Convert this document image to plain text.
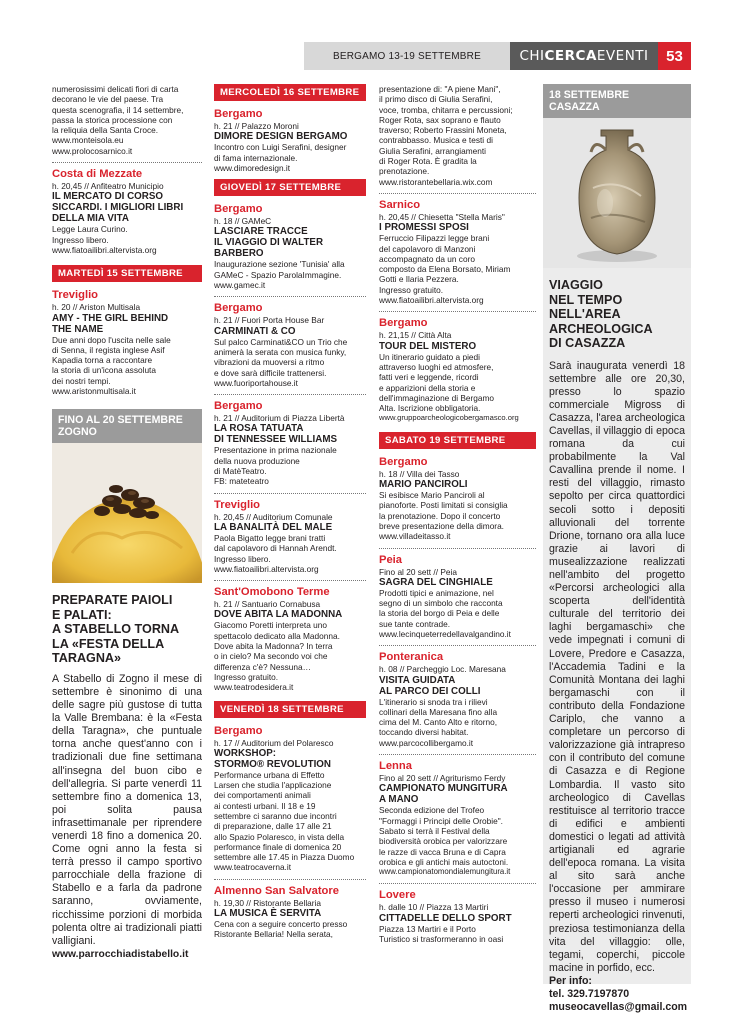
BERGAMO 13-19 SETTEMBRE	CHI CERCA EVENTI	53

numerosissimi delicati fiori di carta

decorano le vie del paese. Tra

questa scenografia, il 14 settembre,

passa la storica processione con

la reliquia della Santa Croce.

www.monteisola.eu

www.prolocosarnico.it

Costa di Mezzate

h. 20,45 // Anfiteatro Municipio

IL MERCATO DI CORSO

SICCARDI. I MIGLIORI LIBRI

DELLA MIA VITA

Legge Laura Curino.

Ingresso libero.

www.fiatoailibri.altervista.org

MARTEDÌ 15 SETTEMBRE

Treviglio

h. 20 // Ariston Multisala

AMY - THE GIRL BEHIND

THE NAME

Due anni dopo l'uscita nelle sale

di Senna, il regista inglese Asif

Kapadia torna a raccontare

la storia di un'icona assoluta

dei nostri tempi.

www.aristonmultisala.it

FINO AL 20 SETTEMBRE

ZOGNO

PREPARATE PAIOLI

E PALATI:

A STABELLO TORNA

LA «FESTA DELLA

TARAGNA»

A Stabello di Zogno il mese di settembre è sinonimo di una delle sagre più gustose di tutta la Valle Brembana: è la «Festa della Taragna», che puntuale torna anche quest'anno con i tradizionali due fine settimana all'insegna del buon cibo e dell'allegria. Si parte venerdì 11 settembre fino a domenica 13, poi solita pausa infrasettimanale per riprendere venerdì 18 fino a domenica 20. Come ogni anno la festa si terrà presso il campo sportivo parrocchiale della frazione di Stabello e a farla da padrone saranno, ovviamente, ricchissime porzioni di morbida polenta oltre ai tradizionali piatti valligiani.

www.parrocchiadistabello.it

MERCOLEDÌ 16 SETTEMBRE

Bergamo

h. 21 // Palazzo Moroni

DIMORE DESIGN BERGAMO

Incontro con Luigi Serafini, designer

di fama internazionale.

www.dimoredesign.it

GIOVEDÌ 17 SETTEMBRE

Bergamo

h. 18 // GAMeC

LASCIARE TRACCE

IL VIAGGIO DI WALTER

BARBERO

Inaugurazione sezione 'Tunisia' alla

GAMeC - Spazio ParolaImmagine.

www.gamec.it

Bergamo

h. 21 // Fuori Porta House Bar

CARMINATI & CO

Sul palco Carminati&CO un Trio che

animerà la serata con musica funky,

vibrazioni da muoversi a ritmo

e dove sarà difficile trattenersi.

www.fuoriportahouse.it

Bergamo

h. 21 // Auditorium di Piazza Libertà

LA ROSA TATUATA

DI TENNESSEE WILLIAMS

Presentazione in prima nazionale

della nuova produzione

di MatèTeatro.

FB: mateteatro

Treviglio

h. 20,45 // Auditorium Comunale

LA BANALITÀ DEL MALE

Paola Bigatto legge brani tratti

dal capolavoro di Hannah Arendt.

Ingresso libero.

www.fiatoailibri.altervista.org

Sant'Omobono Terme

h. 21 // Santuario Cornabusa

DOVE ABITA LA MADONNA

Giacomo Poretti interpreta uno

spettacolo dedicato alla Madonna.

Dove abita la Madonna? In terra

o in cielo? Ma secondo voi che

differenza c'è? Nessuna…

Ingresso gratuito.

www.teatrodesidera.it

VENERDÌ 18 SETTEMBRE

Bergamo

h. 17 // Auditorium del Polaresco

WORKSHOP:

STORMO® REVOLUTION

Performance urbana di Effetto

Larsen che studia l'applicazione

dei comportamenti animali

ai contesti urbani. Il 18 e 19

settembre ci saranno due incontri

di preparazione, dalle 17 alle 21

allo Spazio Polaresco, in vista della

performance finale di domenica 20

settembre alle 17.45 in Piazza Duomo

www.teatrocaverna.it

Almenno San Salvatore

h. 19,30 // Ristorante Bellaria

LA MUSICA È SERVITA

Cena con a seguire concerto presso

Ristorante Bellaria! Nella serata,

presentazione di: "A piene Mani",

il primo disco di Giulia Serafini,

voce, tromba, chitarra e percussioni;

Roger Rota, sax soprano e flauto

traverso; Roberto Frassini Moneta,

contrabbasso. Musica e testi di

Giulia Serafini, arrangiamenti

di Roger Rota. È gradita la

prenotazione.

www.ristorantebellaria.wix.com

Sarnico

h. 20,45 // Chiesetta "Stella Maris"

I PROMESSI SPOSI

Ferruccio Filipazzi legge brani

del capolavoro di Manzoni

accompagnato da un coro

composto da Elena Borsato, Miriam

Gotti e Ilaria Pezzera.

Ingresso gratuito.

www.fiatoailibri.altervista.org

Bergamo

h. 21,15 // Città Alta

TOUR DEL MISTERO

Un itinerario guidato a piedi

attraverso luoghi ed atmosfere,

fatti veri e leggende, ricordi

e apparizioni della storia e

dell'immaginazione di Bergamo

Alta. Iscrizione obbligatoria.

www.gruppoarcheologicobergamasco.org

SABATO 19 SETTEMBRE

Bergamo

h. 18 // Villa dei Tasso

MARIO PANCIROLI

Si esibisce Mario Panciroli al

pianoforte. Posti limitati si consiglia

la prenotazione. Dopo il concerto

breve presentazione della dimora.

www.villadeitasso.it

Peia

Fino al 20 sett // Peia

SAGRA DEL CINGHIALE

Prodotti tipici e animazione, nel

segno di un simbolo che racconta

la storia del borgo di Peia e delle

sue tante contrade.

www.lecinqueterredellavalgandino.it

Ponteranica

h. 08 // Parcheggio Loc. Maresana

VISITA GUIDATA

AL PARCO DEI COLLI

L'itinerario si snoda tra i rilievi

collinari della Maresana fino alla

cima del M. Canto Alto e ritorno,

toccando diversi habitat.

www.parcocollibergamo.it

Lenna

Fino al 20 sett // Agriturismo Ferdy

CAMPIONATO MUNGITURA

A MANO

Seconda edizione del Trofeo

"Formaggi i Principi delle Orobie".

Sabato si terrà il Festival della

biodiversità orobica per valorizzare

le razze di vacca Bruna e di Capra

orobica e gli antichi mais autoctoni.

www.campionatomondialemungitura.it

Lovere

h. dalle 10 // Piazza 13 Martiri

CITTADELLE DELLO SPORT

Piazza 13 Martiri e il Porto

Turistico si trasformeranno in oasi

18 SETTEMBRE

CASAZZA

VIAGGIO

NEL TEMPO

NELL'AREA

ARCHEOLOGICA

DI CASAZZA

Sarà inaugurata venerdì 18 settembre alle ore 20,30, presso lo spazio commerciale Migross di Casazza, l'area archeologica Cavellas, il villaggio di epoca romana da cui probabilmente la Val Cavallina prende il nome. I resti del villaggio, rimasto sepolto per circa quattordici secoli sotto i depositi alluvionali del torrente Drione, tornano ora alla luce grazie ai lavori di musealizzazione realizzati nell'ambito del progetto «Percorsi archeologici alla scoperta dell'identità culturale del territorio dei laghi bergamaschi» che vede impegnati i comuni di Lovere, Predore e Casazza, l'Accademia Tadini e la Comunità Montana dei laghi bergamaschi con il contributo della Fondazione Cariplo, che vanno a completare un percorso di valorizzazione già intrapreso con il contributo del comune di Casazza e di Regione Lombardia. Il vasto sito archeologico di Cavellas restituisce al territorio tracce di edifici e ambienti domestici o legati ad attività artigianali ed agrarie dell'epoca romana. La visita al sito sarà anche l'occasione per ammirare presso il museo i numerosi reperti archeologici rinvenuti, preziosa testimonianza della vita del villaggio: olle, tegami, coperchi, piccole macine in porfido, ecc.

Per info:

tel. 329.7197870

museocavellas@gmail.com
